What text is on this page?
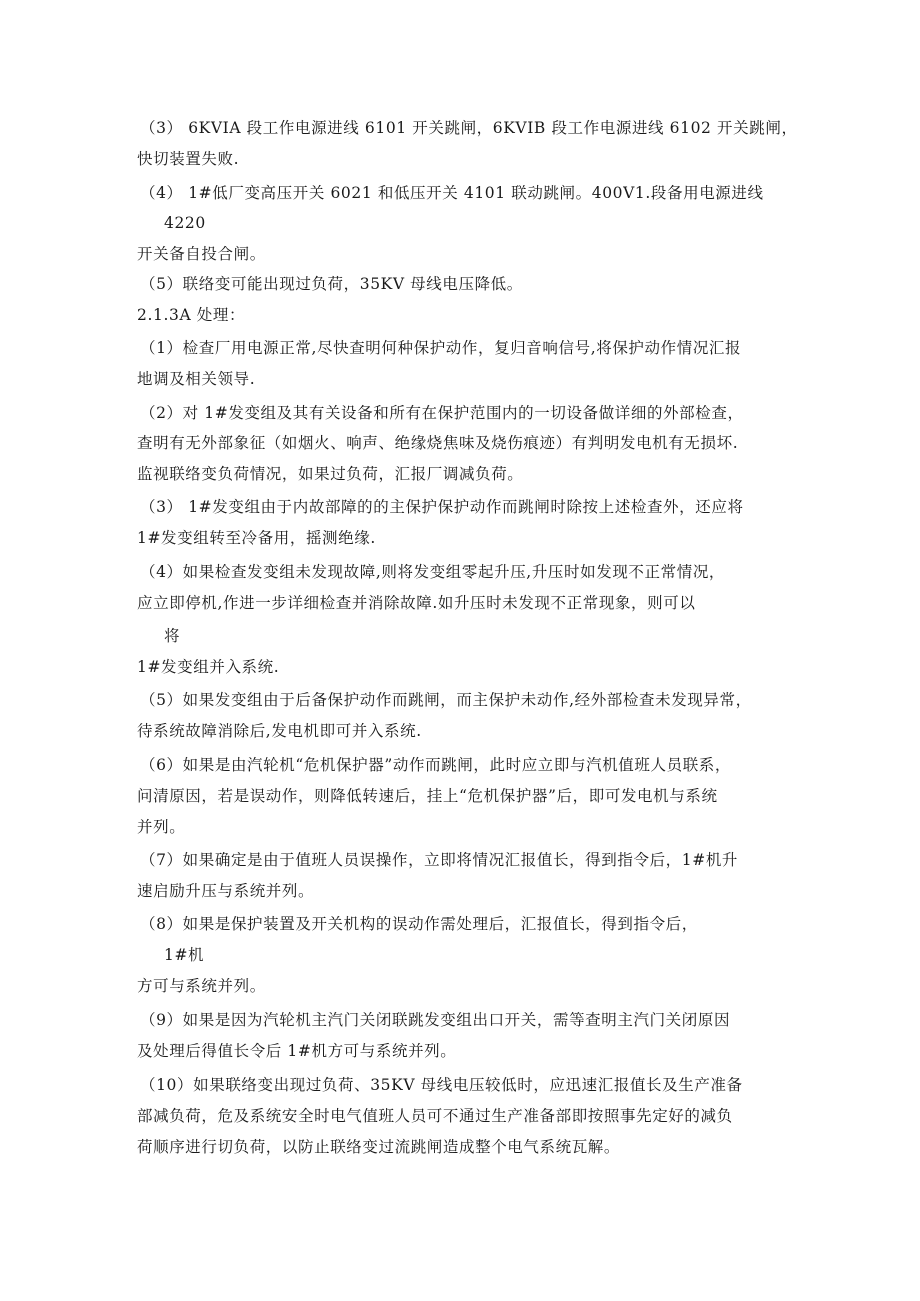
（3） 6KVIA 段工作电源进线 6101 开关跳闸，6KVIB 段工作电源进线 6102 开关跳闸，
快切装置失败.
（4） 1#低厂变高压开关 6021 和低压开关 4101 联动跳闸。400V1.段备用电源进线
4220
开关备自投合闸。
（5）联络变可能出现过负荷，35KV 母线电压降低。
2.1.3A 处理：
（1）检查厂用电源正常,尽快查明何种保护动作，复归音响信号,将保护动作情况汇报
地调及相关领导.
（2）对 1#发变组及其有关设备和所有在保护范围内的一切设备做详细的外部检查，
查明有无外部象征（如烟火、响声、绝缘烧焦味及烧伤痕迹）有判明发电机有无损坏.
监视联络变负荷情况，如果过负荷，汇报厂调减负荷。
（3） 1#发变组由于内故部障的的主保护保护动作而跳闸时除按上述检查外，还应将
1#发变组转至冷备用，摇测绝缘.
（4）如果检查发变组未发现故障,则将发变组零起升压,升压时如发现不正常情况，
应立即停机,作进一步详细检查并消除故障.如升压时未发现不正常现象，则可以
将
1#发变组并入系统.
（5）如果发变组由于后备保护动作而跳闸，而主保护未动作,经外部检查未发现异常，
待系统故障消除后,发电机即可并入系统.
（6）如果是由汽轮机“危机保护器”动作而跳闸，此时应立即与汽机值班人员联系，
问清原因，若是误动作，则降低转速后，挂上“危机保护器”后，即可发电机与系统
并列。
（7）如果确定是由于值班人员误操作，立即将情况汇报值长，得到指令后，1#机升
速启励升压与系统并列。
（8）如果是保护装置及开关机构的误动作需处理后，汇报值长，得到指令后，
1#机
方可与系统并列。
（9）如果是因为汽轮机主汽门关闭联跳发变组出口开关，需等查明主汽门关闭原因
及处理后得值长令后 1#机方可与系统并列。
（10）如果联络变出现过负荷、35KV 母线电压较低时，应迅速汇报值长及生产准备
部减负荷，危及系统安全时电气值班人员可不通过生产准备部即按照事先定好的减负
荷顺序进行切负荷，以防止联络变过流跳闸造成整个电气系统瓦解。
